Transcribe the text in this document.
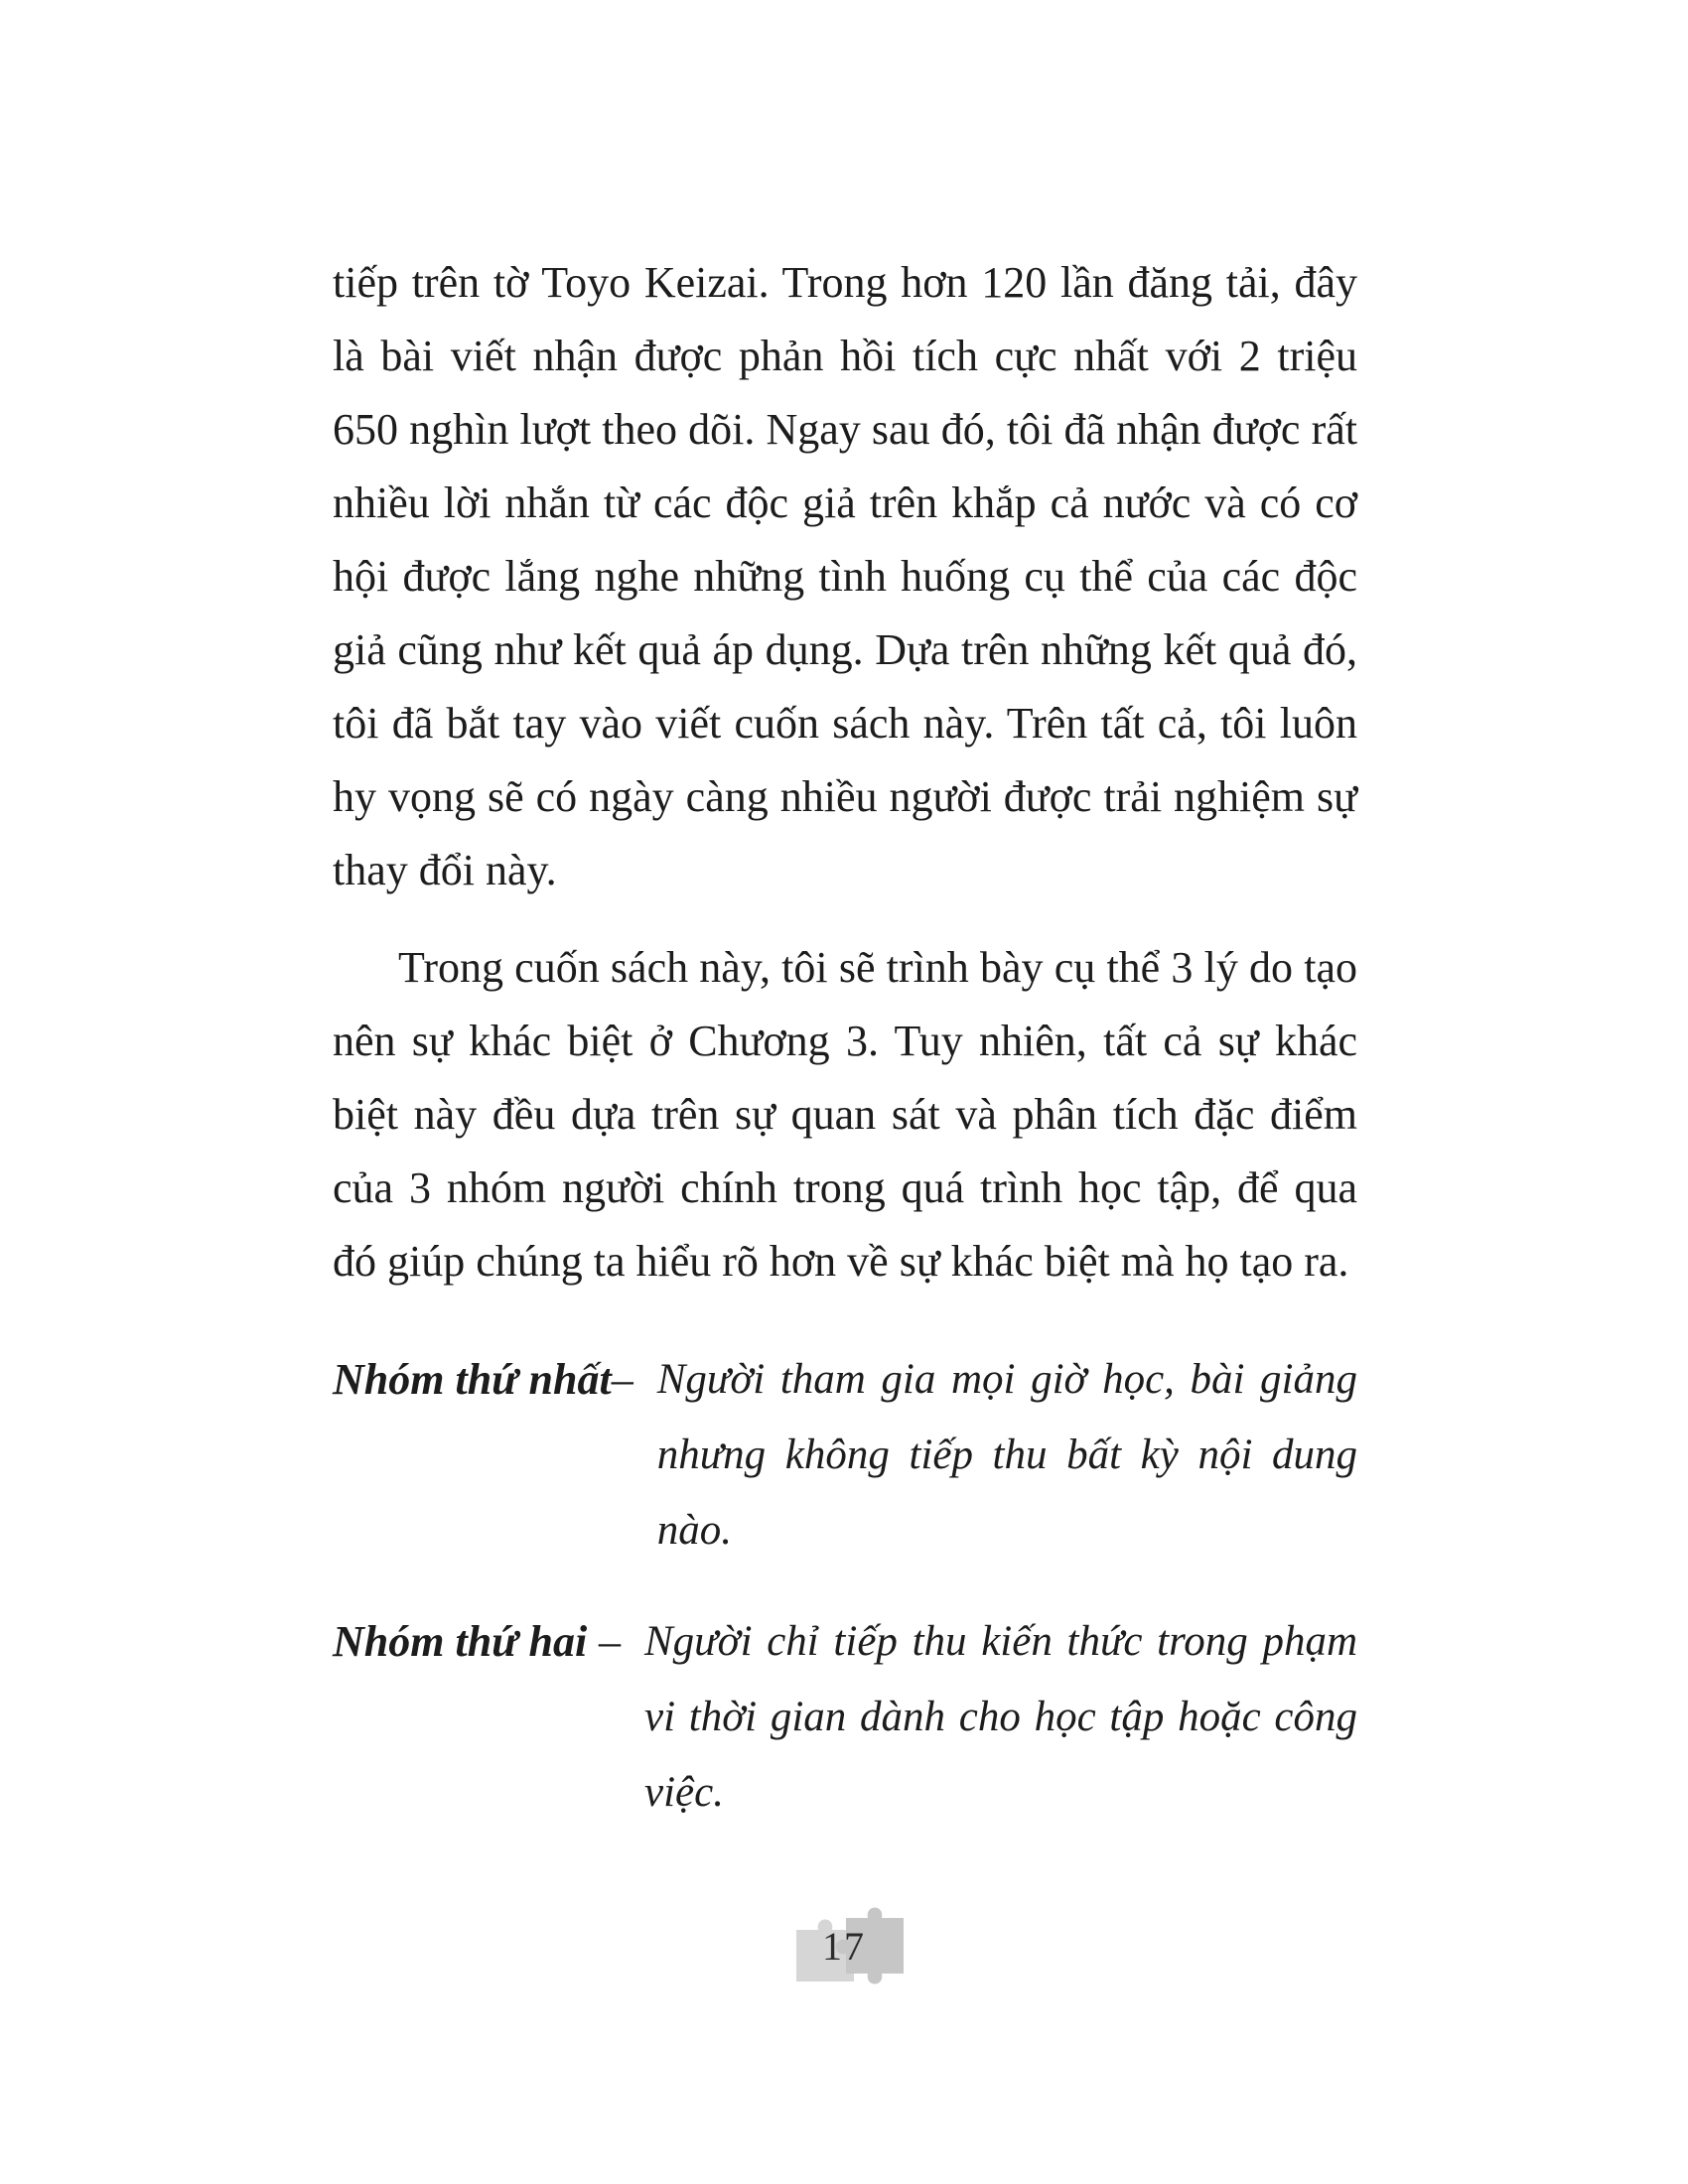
tiếp trên tờ Toyo Keizai. Trong hơn 120 lần đăng tải, đây là bài viết nhận được phản hồi tích cực nhất với 2 triệu 650 nghìn lượt theo dõi. Ngay sau đó, tôi đã nhận được rất nhiều lời nhắn từ các độc giả trên khắp cả nước và có cơ hội được lắng nghe những tình huống cụ thể của các độc giả cũng như kết quả áp dụng. Dựa trên những kết quả đó, tôi đã bắt tay vào viết cuốn sách này. Trên tất cả, tôi luôn hy vọng sẽ có ngày càng nhiều người được trải nghiệm sự thay đổi này.

Trong cuốn sách này, tôi sẽ trình bày cụ thể 3 lý do tạo nên sự khác biệt ở Chương 3. Tuy nhiên, tất cả sự khác biệt này đều dựa trên sự quan sát và phân tích đặc điểm của 3 nhóm người chính trong quá trình học tập, để qua đó giúp chúng ta hiểu rõ hơn về sự khác biệt mà họ tạo ra.

Nhóm thứ nhất – Người tham gia mọi giờ học, bài giảng nhưng không tiếp thu bất kỳ nội dung nào.
Nhóm thứ hai – Người chỉ tiếp thu kiến thức trong phạm vi thời gian dành cho học tập hoặc công việc.
17
